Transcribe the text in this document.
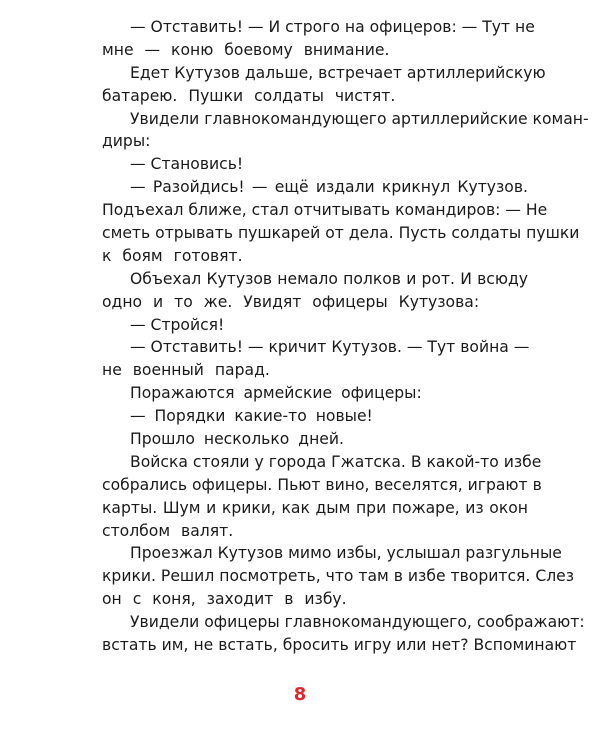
— Отставить! — И строго на офицеров: — Тут не
мне — коню боевому внимание.
Едет Кутузов дальше, встречает артиллерийскую
батарею. Пушки солдаты чистят.
Увидели главнокомандующего артиллерийские коман-
диры:
— Становись!
— Разойдись! — ещё издали крикнул Кутузов.
Подъехал ближе, стал отчитывать командиров: — Не
сметь отрывать пушкарей от дела. Пусть солдаты пушки
к боям готовят.
Объехал Кутузов немало полков и рот. И всюду
одно и то же. Увидят офицеры Кутузова:
— Стройся!
— Отставить! — кричит Кутузов. — Тут война —
не военный парад.
Поражаются армейские офицеры:
— Порядки какие-то новые!
Прошло несколько дней.
Войска стояли у города Гжатска. В какой-то избе
собрались офицеры. Пьют вино, веселятся, играют в
карты. Шум и крики, как дым при пожаре, из окон
столбом валят.
Проезжал Кутузов мимо избы, услышал разгульные
крики. Решил посмотреть, что там в избе творится. Слез
он с коня, заходит в избу.
Увидели офицеры главнокомандующего, соображают:
встать им, не встать, бросить игру или нет? Вспоминают
8
